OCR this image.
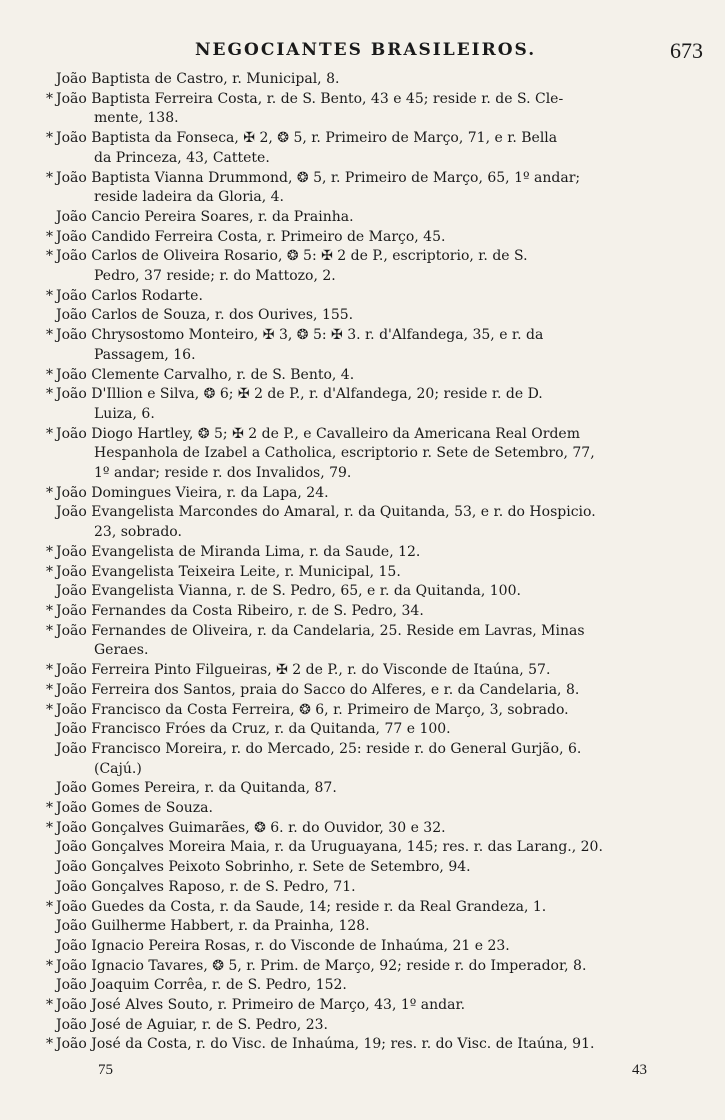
NEGOCIANTES BRASILEIROS.	673
João Baptista de Castro, r. Municipal, 8.
* João Baptista Ferreira Costa, r. de S. Bento, 43 e 45; reside r. de S. Cle-

mente, 138.
* João Baptista da Fonseca, ✠ 2, ❂ 5, r. Primeiro de Março, 71, e r. Bella

da Princeza, 43, Cattete.
* João Baptista Vianna Drummond, ❂ 5, r. Primeiro de Março, 65, 1º andar;

reside ladeira da Gloria, 4.
João Cancio Pereira Soares, r. da Prainha.
* João Candido Ferreira Costa, r. Primeiro de Março, 45.
* João Carlos de Oliveira Rosario, ❂ 5: ✠ 2 de P., escriptorio, r. de S.

Pedro, 37 reside; r. do Mattozo, 2.
* João Carlos Rodarte.
João Carlos de Souza, r. dos Ourives, 155.
* João Chrysostomo Monteiro, ✠ 3, ❂ 5: ✠ 3. r. d'Alfandega, 35, e r. da

Passagem, 16.
* João Clemente Carvalho, r. de S. Bento, 4.
* João D'Illion e Silva, ❂ 6; ✠ 2 de P., r. d'Alfandega, 20; reside r. de D.

Luiza, 6.
* João Diogo Hartley, ❂ 5; ✠ 2 de P., e Cavalleiro da Americana Real Ordem

Hespanhola de Izabel a Catholica, escriptorio r. Sete de Setembro, 77,
1º andar; reside r. dos Invalidos, 79.
* João Domingues Vieira, r. da Lapa, 24.
João Evangelista Marcondes do Amaral, r. da Quitanda, 53, e r. do Hospicio.

23, sobrado.
* João Evangelista de Miranda Lima, r. da Saude, 12.
* João Evangelista Teixeira Leite, r. Municipal, 15.
João Evangelista Vianna, r. de S. Pedro, 65, e r. da Quitanda, 100.
* João Fernandes da Costa Ribeiro, r. de S. Pedro, 34.
* João Fernandes de Oliveira, r. da Candelaria, 25. Reside em Lavras, Minas

Geraes.
* João Ferreira Pinto Filgueiras, ✠ 2 de P., r. do Visconde de Itaúna, 57.
* João Ferreira dos Santos, praia do Sacco do Alferes, e r. da Candelaria, 8.
* João Francisco da Costa Ferreira, ❂ 6, r. Primeiro de Março, 3, sobrado.
João Francisco Fróes da Cruz, r. da Quitanda, 77 e 100.
João Francisco Moreira, r. do Mercado, 25: reside r. do General Gurjão, 6.

(Cajú.)
João Gomes Pereira, r. da Quitanda, 87.
* João Gomes de Souza.
* João Gonçalves Guimarães, ❂ 6. r. do Ouvidor, 30 e 32.
João Gonçalves Moreira Maia, r. da Uruguayana, 145; res. r. das Larang., 20.
João Gonçalves Peixoto Sobrinho, r. Sete de Setembro, 94.
João Gonçalves Raposo, r. de S. Pedro, 71.
* João Guedes da Costa, r. da Saude, 14; reside r. da Real Grandeza, 1.
João Guilherme Habbert, r. da Prainha, 128.
João Ignacio Pereira Rosas, r. do Visconde de Inhaúma, 21 e 23.
* João Ignacio Tavares, ❂ 5, r. Prim. de Março, 92; reside r. do Imperador, 8.
João Joaquim Corrêa, r. de S. Pedro, 152.
* João José Alves Souto, r. Primeiro de Março, 43, 1º andar.
João José de Aguiar, r. de S. Pedro, 23.
* João José da Costa, r. do Visc. de Inhaúma, 19; res. r. do Visc. de Itaúna, 91.
75	43
